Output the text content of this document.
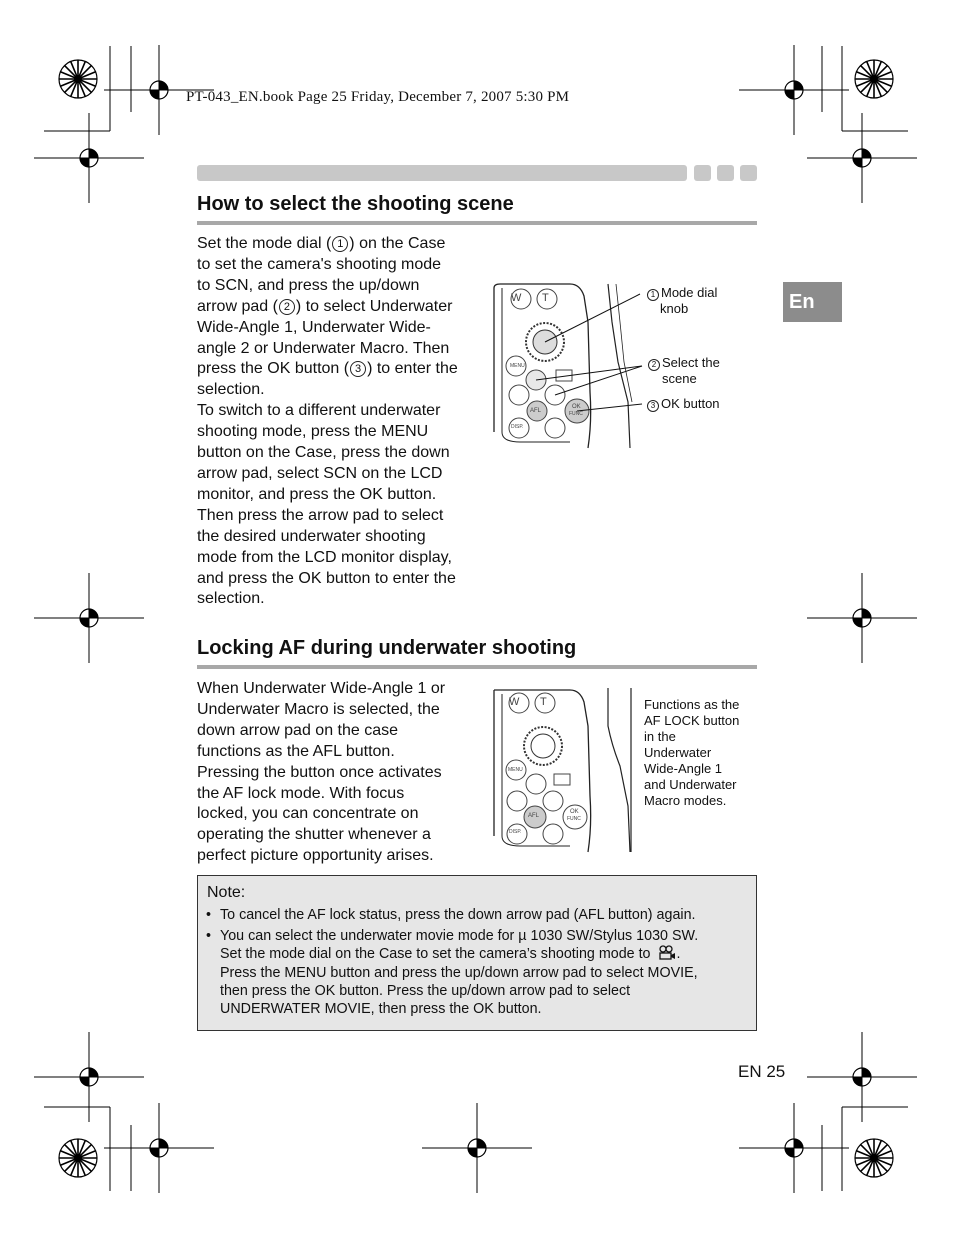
PT-043_EN.book Page 25 Friday, December 7, 2007 5:30 PM
En
How to select the shooting scene
Set the mode dial ( 1 ) on the Case
to set the camera's shooting mode
to SCN, and press the up/down
arrow pad ( 2 ) to select Underwater
Wide-Angle 1, Underwater Wide-
angle 2 or Underwater Macro. Then
press the OK button ( 3 ) to enter the
selection.
To switch to a different underwater
shooting mode, press the MENU
button on the Case, press the down
arrow pad, select SCN on the LCD
monitor, and press the OK button.
Then press the arrow pad to select
the desired underwater shooting
mode from the LCD monitor display,
and press the OK button to enter the
selection.
W T
MENU
AFL
OK
FUNC
DISP.
1 Mode dial
knob
2 Select the
scene
3 OK button
Locking AF during underwater shooting
When Underwater Wide-Angle 1 or
Underwater Macro is selected, the
down arrow pad on the case
functions as the AFL button.
Pressing the button once activates
the AF lock mode. With focus
locked, you can concentrate on
operating the shutter whenever a
perfect picture opportunity arises.
W T
MENU
AFL
OK
FUNC
DISP.
Functions as the
AF LOCK button
in the
Underwater
Wide-Angle 1
and Underwater
Macro modes.
Note:
• To cancel the AF lock status, press the down arrow pad (AFL button) again.
• You can select the underwater movie mode for µ 1030 SW/Stylus 1030 SW.
Set the mode dial on the Case to set the camera’s shooting mode to .
Press the MENU button and press the up/down arrow pad to select MOVIE,
then press the OK button. Press the up/down arrow pad to select
UNDERWATER MOVIE, then press the OK button.
EN 25
